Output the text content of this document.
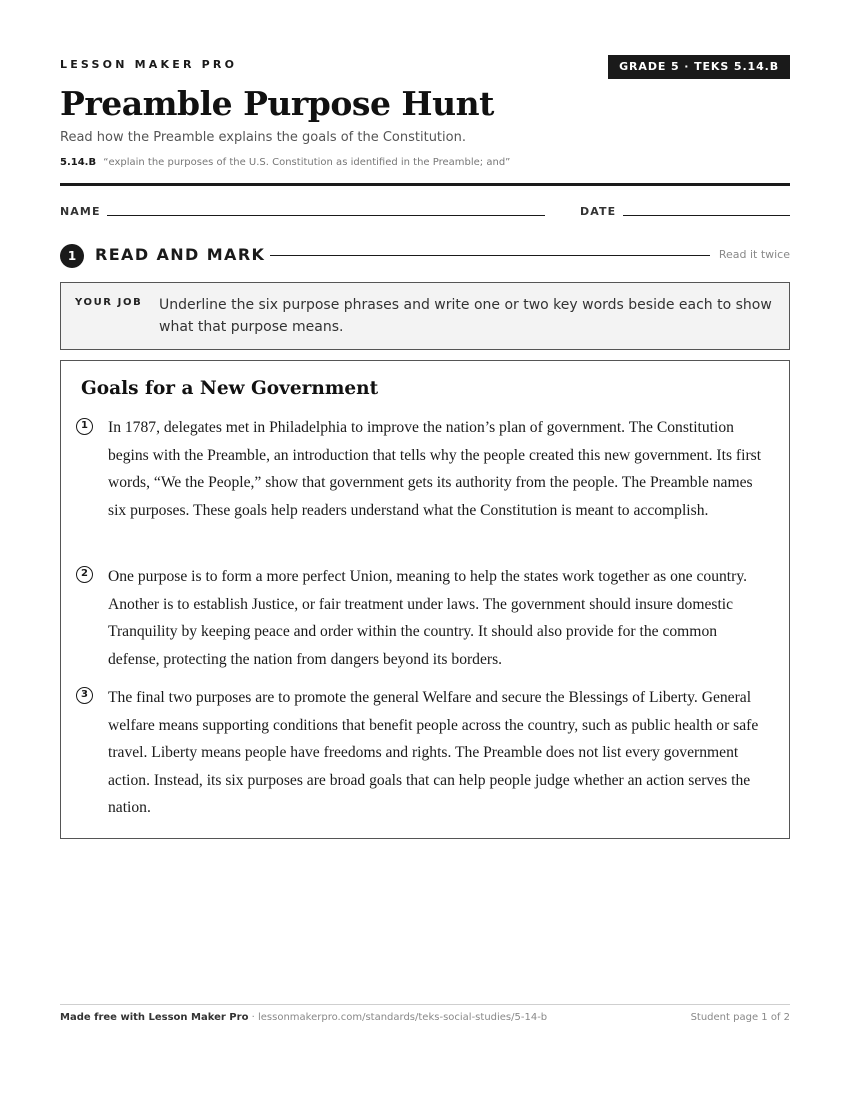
LESSON MAKER PRO	GRADE 5 · TEKS 5.14.B
Preamble Purpose Hunt
Read how the Preamble explains the goals of the Constitution.
5.14.B “explain the purposes of the U.S. Constitution as identified in the Preamble; and”
NAME	DATE
1	READ AND MARK	Read it twice
YOUR JOB Underline the six purpose phrases and write one or two key words beside each to show what that purpose means.
Goals for a New Government
1	In 1787, delegates met in Philadelphia to improve the nation’s plan of government. The Constitution begins with the Preamble, an introduction that tells why the people created this new government. Its first words, “We the People,” show that government gets its authority from the people. The Preamble names six purposes. These goals help readers understand what the Constitution is meant to accomplish.
2	One purpose is to form a more perfect Union, meaning to help the states work together as one country. Another is to establish Justice, or fair treatment under laws. The government should insure domestic Tranquility by keeping peace and order within the country. It should also provide for the common defense, protecting the nation from dangers beyond its borders.
3	The final two purposes are to promote the general Welfare and secure the Blessings of Liberty. General welfare means supporting conditions that benefit people across the country, such as public health or safe travel. Liberty means people have freedoms and rights. The Preamble does not list every government action. Instead, its six purposes are broad goals that can help people judge whether an action serves the nation.
Made free with Lesson Maker Pro · lessonmakerpro.com/standards/teks-social-studies/5-14-b	Student page 1 of 2
